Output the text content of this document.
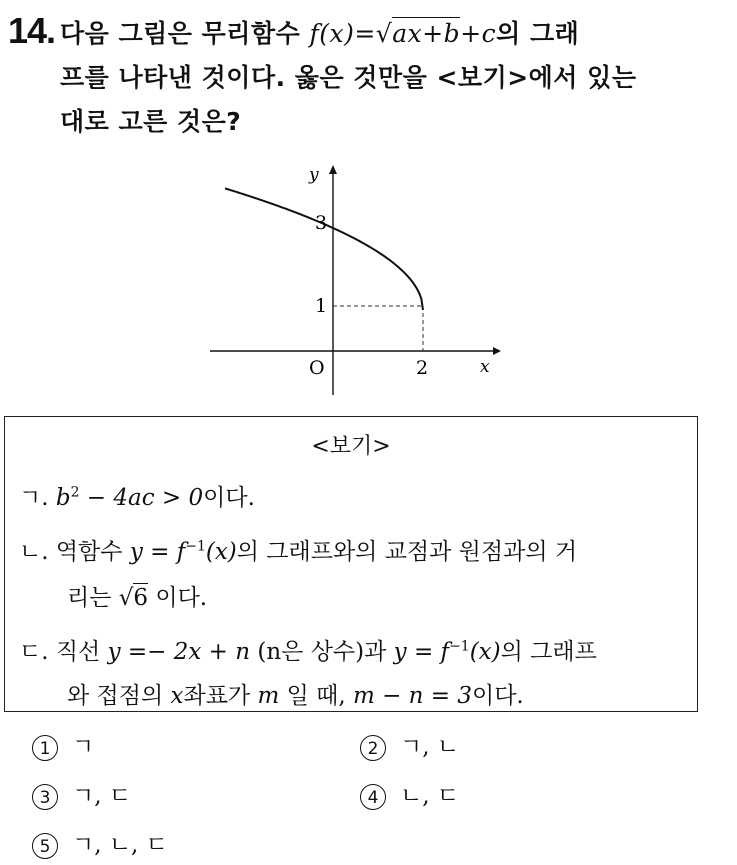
14. 다음 그림은 무리함수 f(x)=√ax+b+c의 그래
프를 나타낸 것이다. 옳은 것만을 <보기>에서 있는
대로 고른 것은?
y
x
O
3
1
2
<보기>
ㄱ. $b^2 - 4ac > 0$이다.
ㄴ. 역함수 $y = f^{-1}(x)$의 그래프와의 교점과 원점과의 거
리는 √6 이다.
ㄷ. 직선 y =− 2x + n (n은 상수)과 $y = f^{-1}(x)$의 그래프
와 접점의 x좌표가 m 일 때, m − n = 3이다.
1 ㄱ	2 ㄱ, ㄴ
3 ㄱ, ㄷ	4 ㄴ, ㄷ
5 ㄱ, ㄴ, ㄷ
